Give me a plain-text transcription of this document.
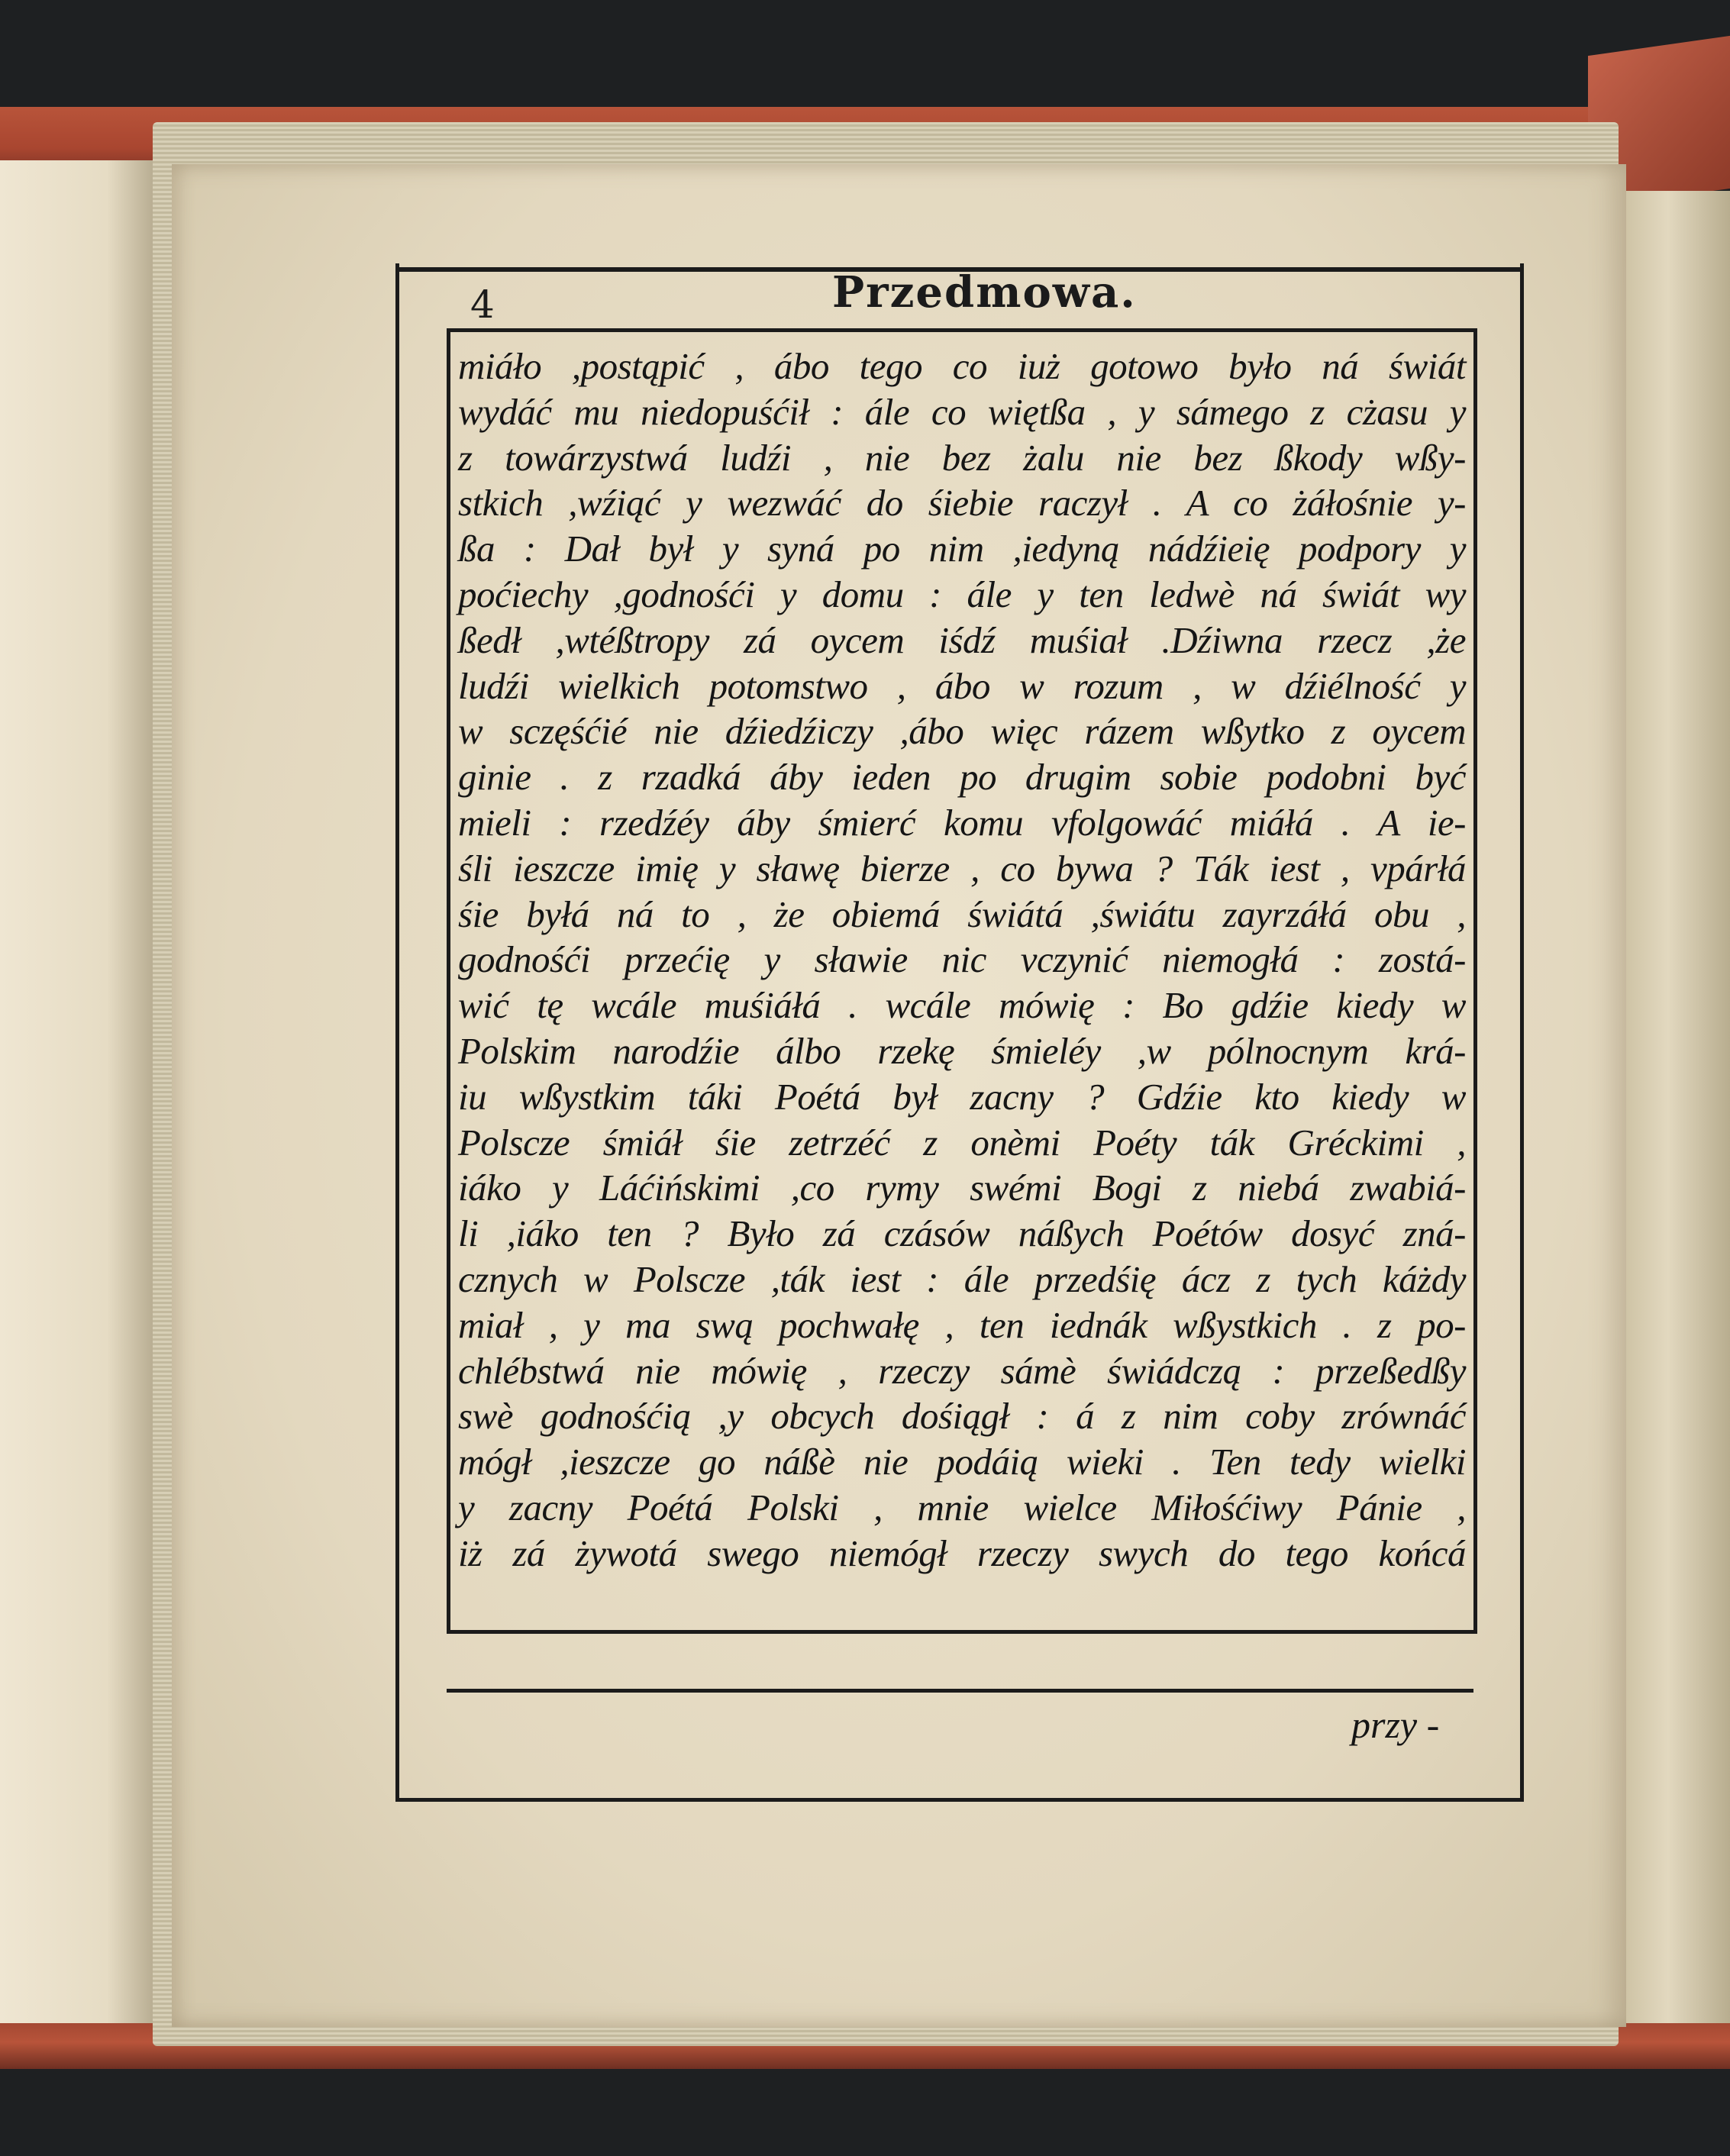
4	Przedmowa.
miáło ,postąpić , ábo tego co iuż gotowo było ná świát
wydáć mu niedopuśćił : ále co więtßa , y sámego z cżasu y
z towárzystwá ludźi , nie bez żalu nie bez ßkody wßy-
stkich ,wźiąć y wezwáć do śiebie raczył . A co żáłośnie y-
ßa : Dał był y syná po nim ,iedyną nádźieię podpory y
poćiechy ,godnośći y domu : ále y ten ledwè ná świát wy
ßedł ,wtéßtropy zá oycem iśdź muśiał .Dźiwna rzecz ,że
ludźi wielkich potomstwo , ábo w rozum , w dźiélność y
w sczęśćié nie dźiedźiczy ,ábo więc rázem wßytko z oycem
ginie . z rzadká áby ieden po drugim sobie podobni być
mieli : rzedźéy áby śmierć komu vfolgowáć miáłá . A ie-
śli ieszcze imię y sławę bierze , co bywa ? Ták iest , vpárłá
śie byłá ná to , że obiemá świátá ,świátu zayrzáłá obu ,
godnośći przećię y sławie nic vczynić niemogłá : zostá-
wić tę wcále muśiáłá . wcále mówię : Bo gdźie kiedy w
Polskim narodźie álbo rzekę śmieléy ,w pólnocnym krá-
iu wßystkim táki Poétá był zacny ? Gdźie kto kiedy w
Polscze śmiáł śie zetrzéć z onèmi Poéty ták Gréckimi ,
iáko y Láćińskimi ,co rymy swémi Bogi z niebá zwabiá-
li ,iáko ten ? Było zá czásów náßych Poétów dosyć zná-
cznych w Polscze ,ták iest : ále przedśię ácz z tych káżdy
miał , y ma swą pochwałę , ten iednák wßystkich . z po-
chlébstwá nie mówię , rzeczy sámè świádczą : przeßedßy
swè godnośćią ,y obcych dośiągł : á z nim coby zrównáć
mógł ,ieszcze go náßè nie podáią wieki . Ten tedy wielki
y zacny Poétá Polski , mnie wielce Miłośćiwy Pánie ,
iż zá żywotá swego niemógł rzeczy swych do tego końcá
przy -
